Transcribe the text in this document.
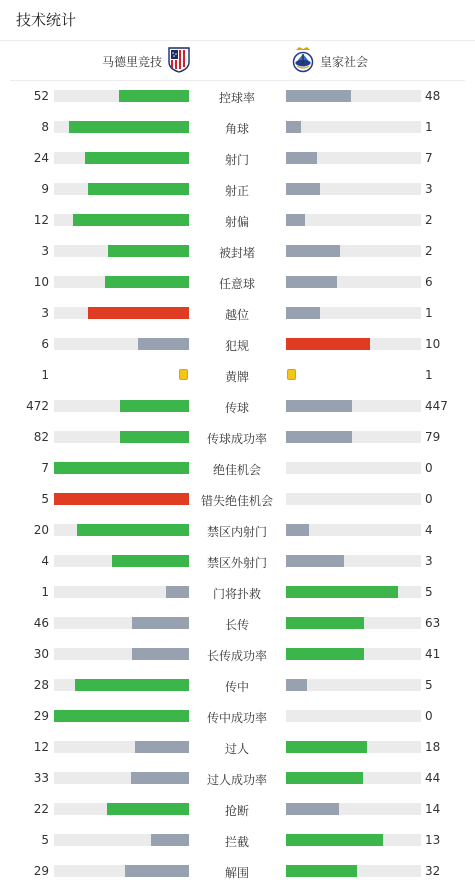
技术统计
马德里竞技	皇家社会
52	控球率	48
8	角球	1
24	射门	7
9	射正	3
12	射偏	2
3	被封堵	2
10	任意球	6
3	越位	1
6	犯规	10
1	黄牌	1
472	传球	447
82	传球成功率	79
7	绝佳机会	0
5	错失绝佳机会	0
20	禁区内射门	4
4	禁区外射门	3
1	门将扑救	5
46	长传	63
30	长传成功率	41
28	传中	5
29	传中成功率	0
12	过人	18
33	过人成功率	44
22	抢断	14
5	拦截	13
29	解围	32
